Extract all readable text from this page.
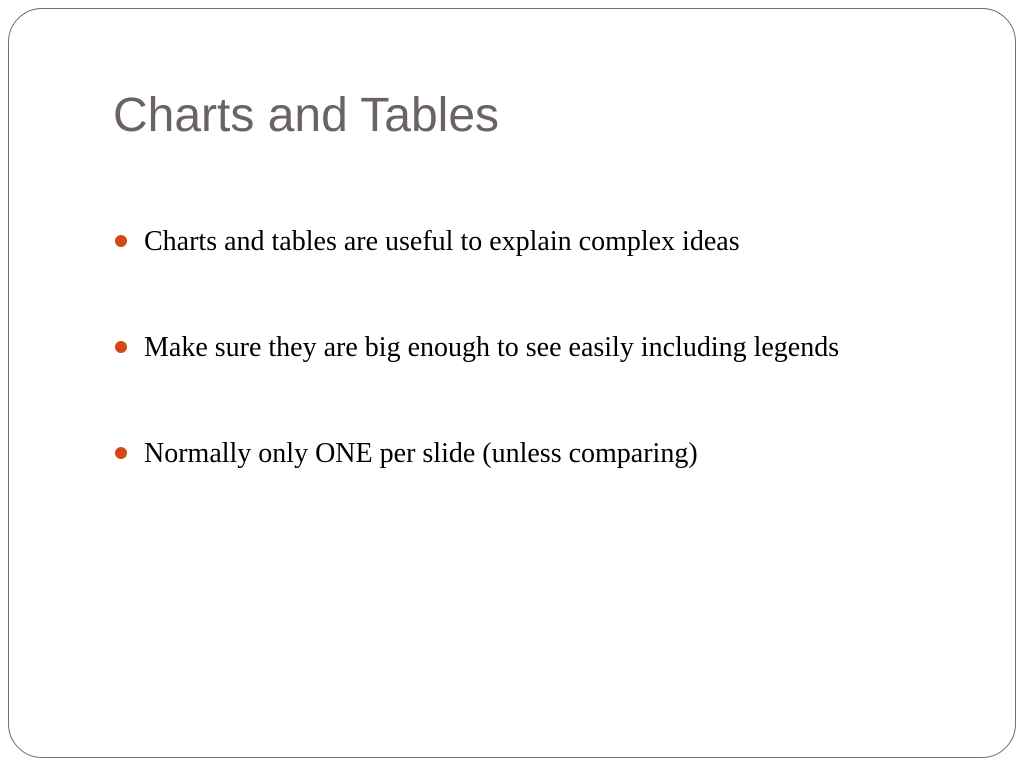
Charts and Tables
Charts and tables are useful to explain complex ideas
Make sure they are big enough to see easily including legends
Normally only ONE per slide (unless comparing)
